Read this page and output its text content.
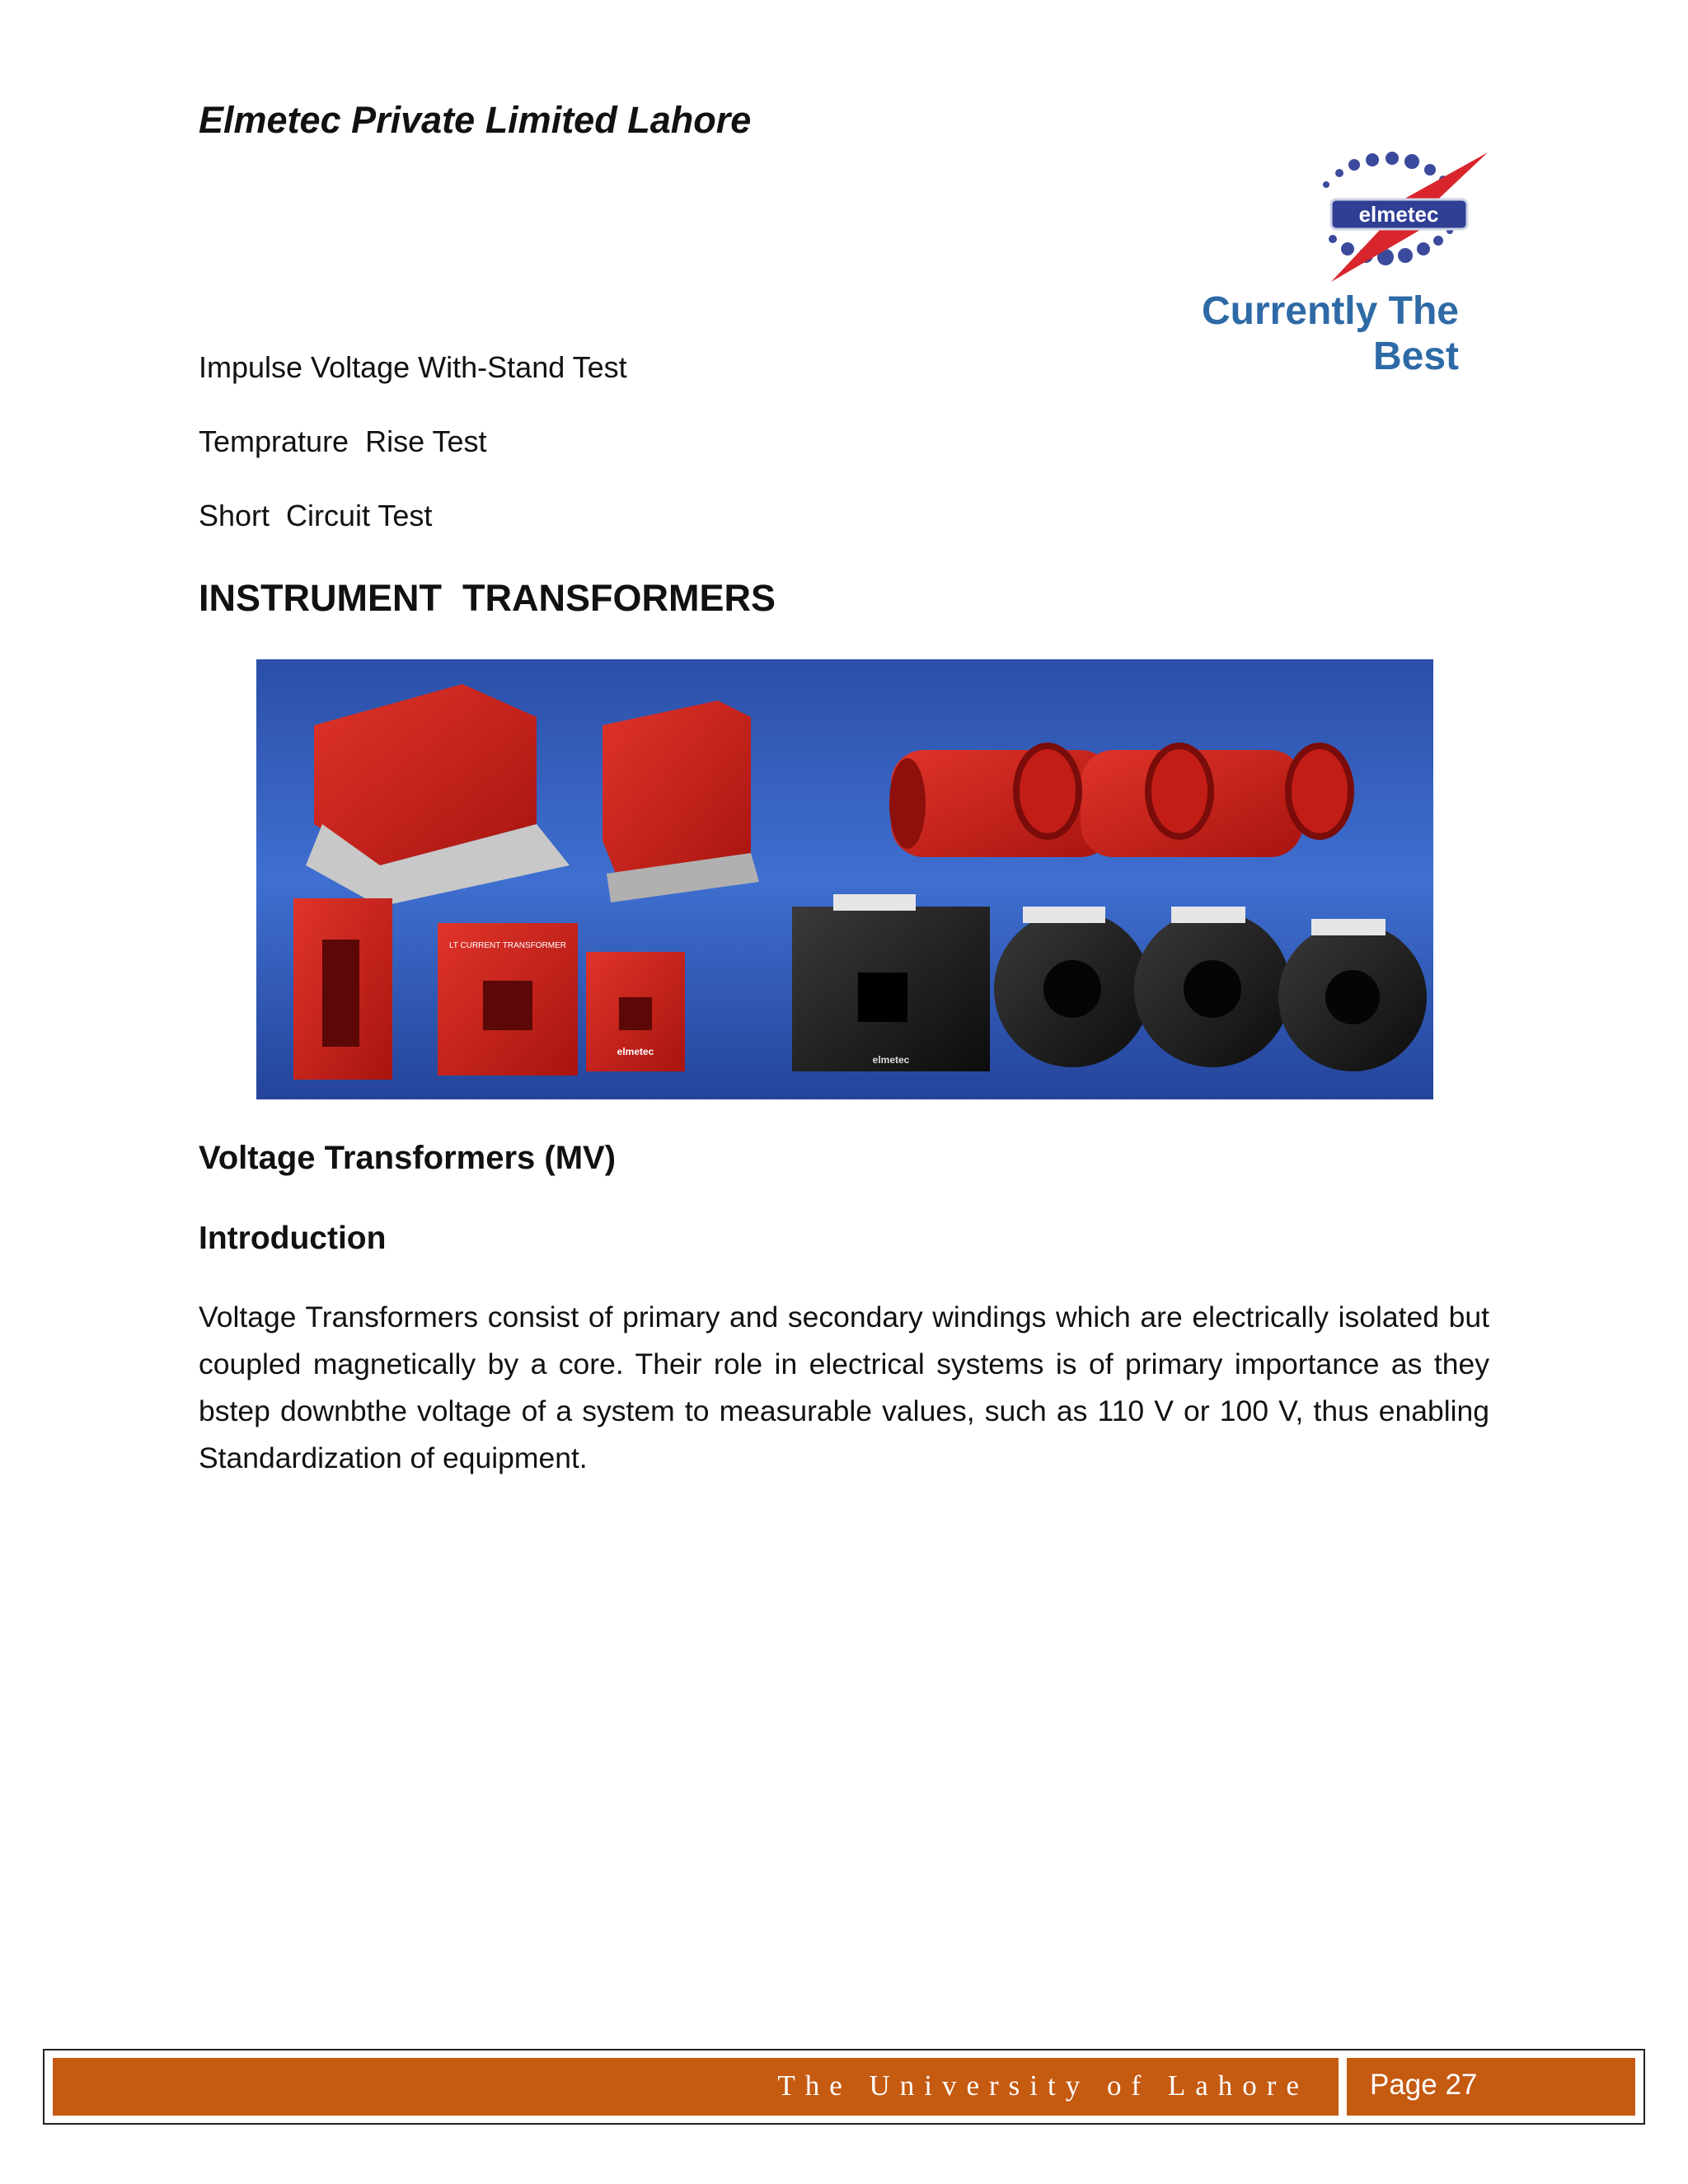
Elmetec Private Limited Lahore
elmetec
Currently The Best
Impulse Voltage With-Stand Test
Temprature  Rise Test
Short  Circuit Test
INSTRUMENT  TRANSFORMERS
LT CURRENT TRANSFORMER
elmetec
elmetec
Voltage Transformers (MV)
Introduction
Voltage Transformers consist of primary and secondary windings which are electrically isolated but coupled magnetically by a core. Their role in electrical systems is of primary importance as they bstep downbthe voltage of a system to measurable values, such as 110 V or 100 V, thus enabling Standardization of equipment.
The University of Lahore Page 27
